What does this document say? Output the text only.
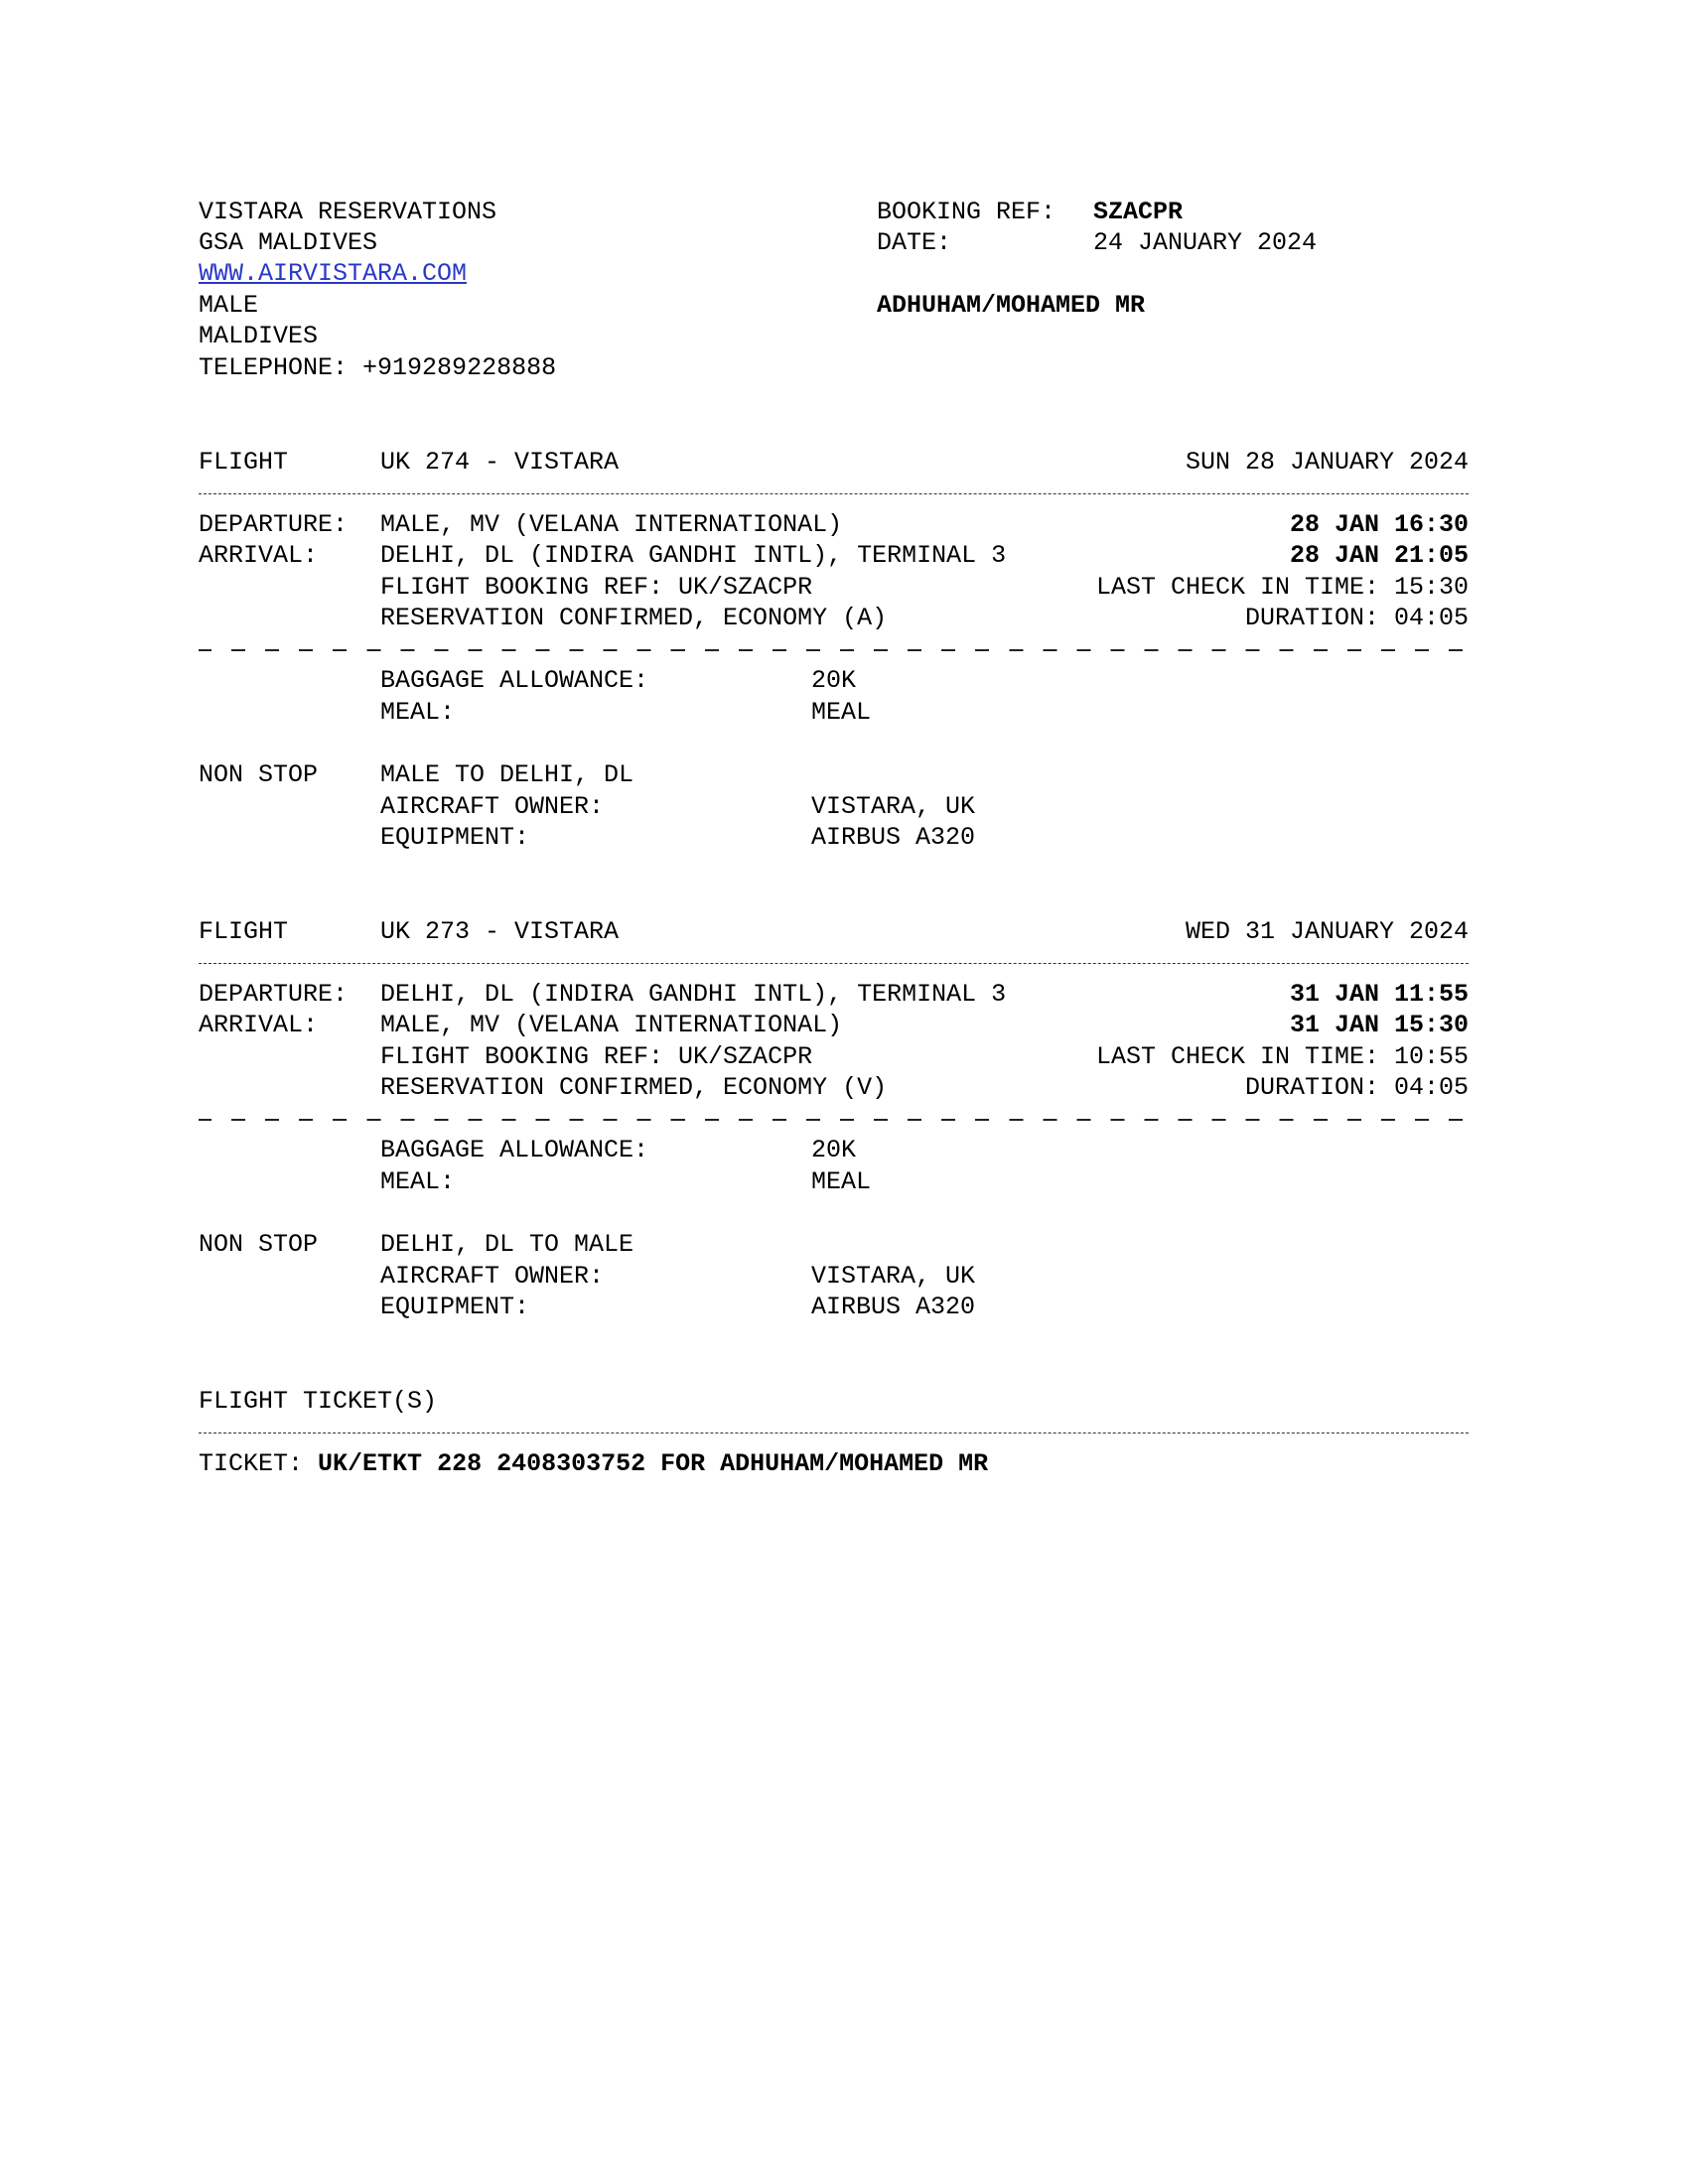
VISTARA RESERVATIONS
GSA MALDIVES
WWW.AIRVISTARA.COM
MALE
MALDIVES
TELEPHONE: +919289228888
BOOKING REF: SZACPR
DATE:	24 JANUARY 2024
ADHUHAM/MOHAMED MR
FLIGHT	UK 274 - VISTARA	SUN 28 JANUARY 2024
DEPARTURE: MALE, MV (VELANA INTERNATIONAL)	28 JAN 16:30
ARRIVAL:	DELHI, DL (INDIRA GANDHI INTL), TERMINAL 3	28 JAN 21:05
FLIGHT BOOKING REF: UK/SZACPR	LAST CHECK IN TIME: 15:30
RESERVATION CONFIRMED, ECONOMY (A)	DURATION: 04:05
BAGGAGE ALLOWANCE:	20K
MEAL:	MEAL
NON STOP	MALE TO DELHI, DL
AIRCRAFT OWNER:	VISTARA, UK
EQUIPMENT:	AIRBUS A320
FLIGHT	UK 273 - VISTARA	WED 31 JANUARY 2024
DEPARTURE: DELHI, DL (INDIRA GANDHI INTL), TERMINAL 3	31 JAN 11:55
ARRIVAL:	MALE, MV (VELANA INTERNATIONAL)	31 JAN 15:30
FLIGHT BOOKING REF: UK/SZACPR	LAST CHECK IN TIME: 10:55
RESERVATION CONFIRMED, ECONOMY (V)	DURATION: 04:05
BAGGAGE ALLOWANCE:	20K
MEAL:	MEAL
NON STOP	DELHI, DL TO MALE
AIRCRAFT OWNER:	VISTARA, UK
EQUIPMENT:	AIRBUS A320
FLIGHT TICKET(S)
TICKET: UK/ETKT 228 2408303752 FOR ADHUHAM/MOHAMED MR
